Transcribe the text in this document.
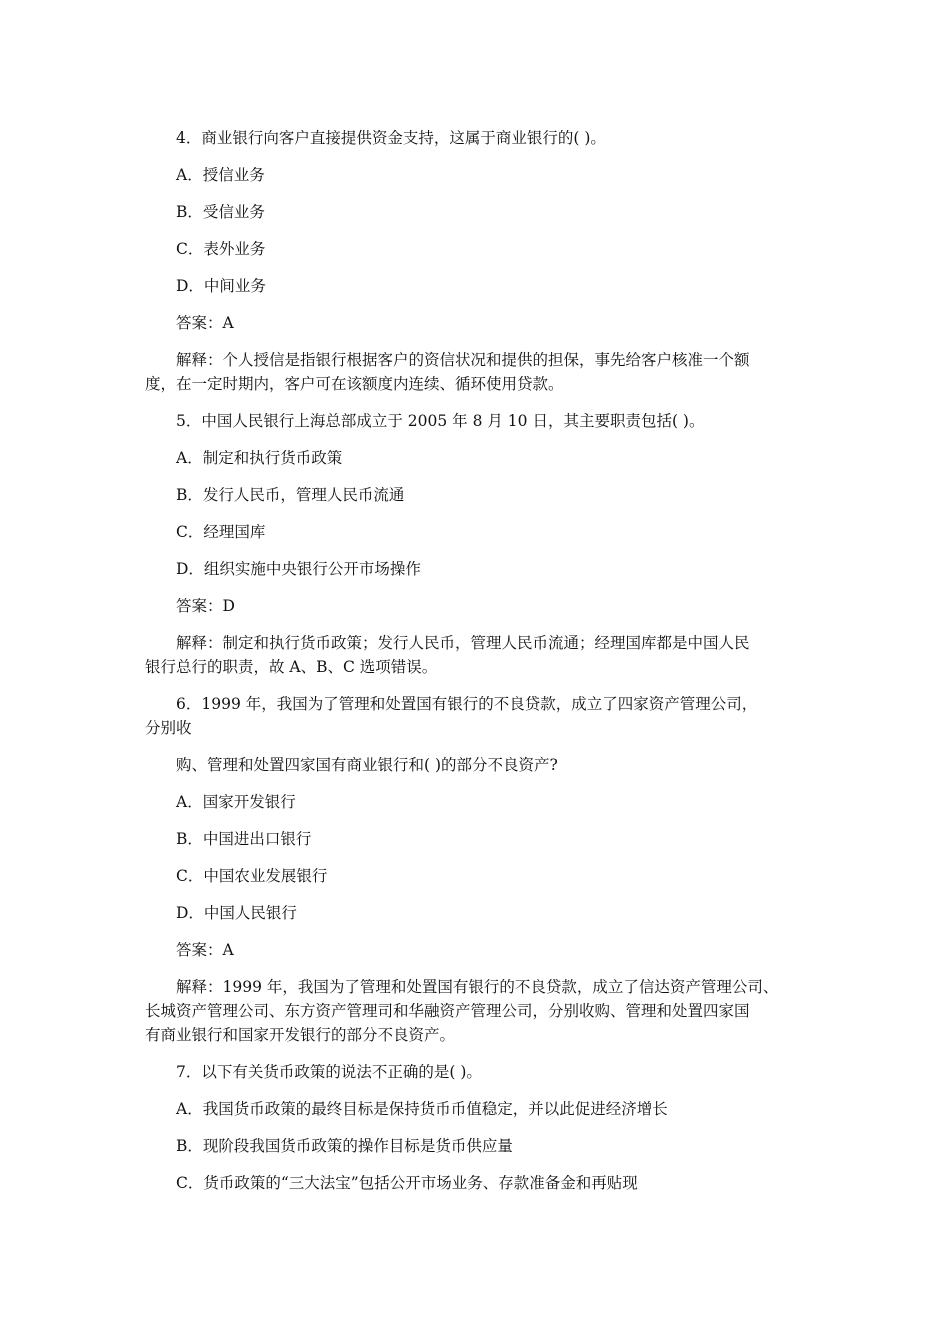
4．商业银行向客户直接提供资金支持，这属于商业银行的( )。
A．授信业务
B．受信业务
C．表外业务
D．中间业务
答案：A
解释：个人授信是指银行根据客户的资信状况和提供的担保，事先给客户核准一个额
度，在一定时期内，客户可在该额度内连续、循环使用贷款。
5．中国人民银行上海总部成立于 2005 年 8 月 10 日，其主要职责包括( )。
A．制定和执行货币政策
B．发行人民币，管理人民币流通
C．经理国库
D．组织实施中央银行公开市场操作
答案：D
解释：制定和执行货币政策；发行人民币，管理人民币流通；经理国库都是中国人民
银行总行的职责，故 A、B、C 选项错误。
6．1999 年，我国为了管理和处置国有银行的不良贷款，成立了四家资产管理公司，
分别收
购、管理和处置四家国有商业银行和( )的部分不良资产?
A．国家开发银行
B．中国进出口银行
C．中国农业发展银行
D．中国人民银行
答案：A
解释：1999 年，我国为了管理和处置国有银行的不良贷款，成立了信达资产管理公司、
长城资产管理公司、东方资产管理司和华融资产管理公司，分别收购、管理和处置四家国
有商业银行和国家开发银行的部分不良资产。
7．以下有关货币政策的说法不正确的是( )。
A．我国货币政策的最终目标是保持货币币值稳定，并以此促进经济增长
B．现阶段我国货币政策的操作目标是货币供应量
C．货币政策的“三大法宝”包括公开市场业务、存款准备金和再贴现
